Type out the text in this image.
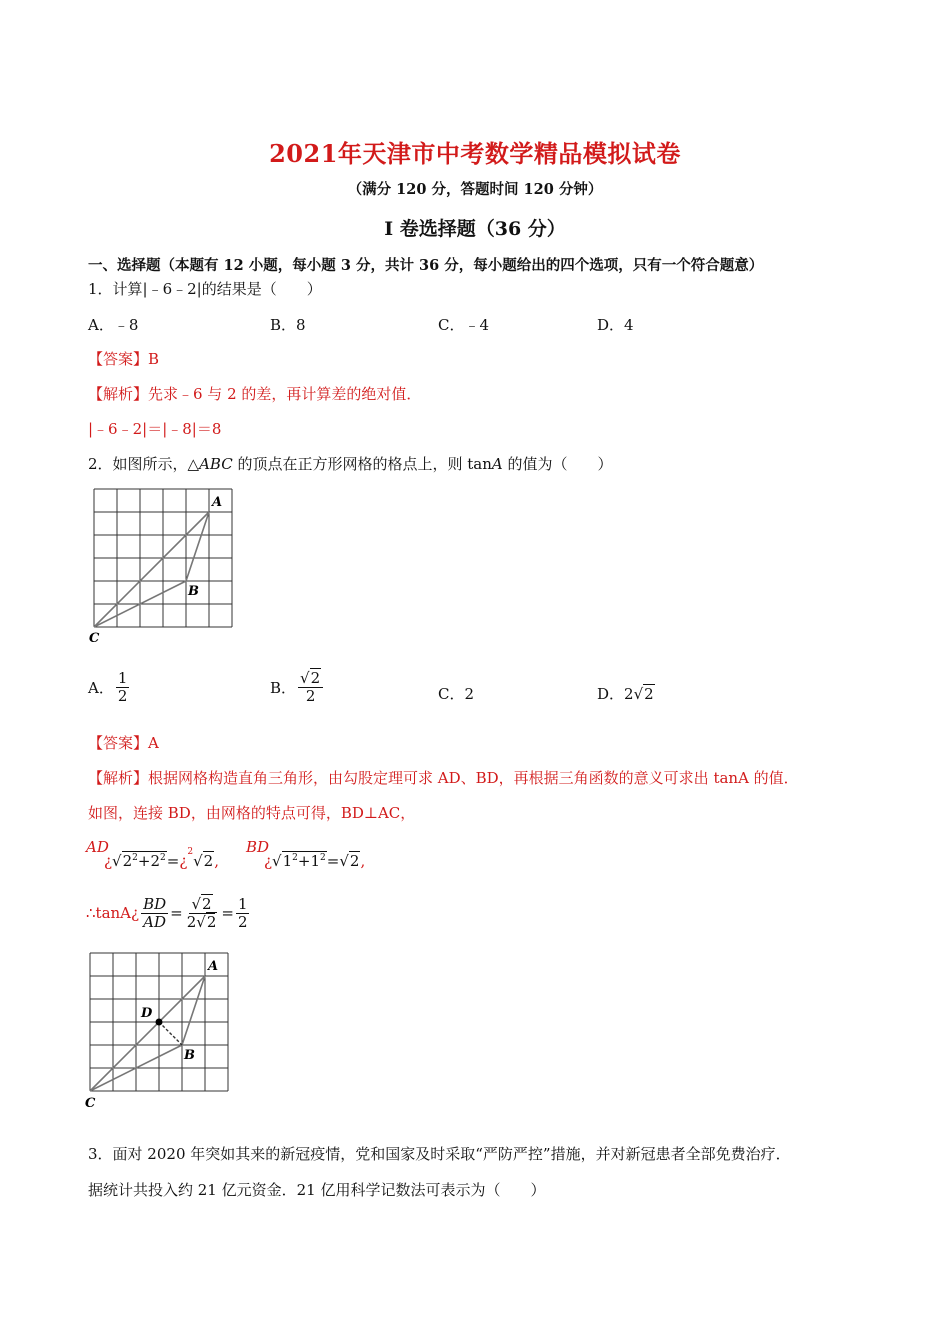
2021年天津市中考数学精品模拟试卷
（满分 120 分，答题时间 120 分钟）
I 卷选择题（36 分）
一、选择题（本题有 12 小题，每小题 3 分，共计 36 分，每小题给出的四个选项，只有一个符合题意）
1．计算|﹣6﹣2|的结果是（　　）
A．﹣8	B．8	C．﹣4	D．4
【答案】B
【解析】先求﹣6 与 2 的差，再计算差的绝对值．
|﹣6﹣2|＝|﹣8|＝8
2．如图所示，△ABC 的顶点在正方形网格的格点上，则 tanA 的值为（　　）
A
B
C
A． $\frac{1}{2}$	B． $\frac{√2}{2}$	C．2	D．2√2
【答案】A
【解析】根据网格构造直角三角形，由勾股定理可求 AD、BD，再根据三角函数的意义可求出 tanA 的值．
如图，连接 BD，由网格的特点可得，BD⊥AC，
AD
¿$√2^2+2^2=¿^2√2$,
BD
¿$√1^2+1^2=√2$,
∴tanA¿ $\frac{BD}{AD} = \frac{√2}{2√2} = \frac{1}{2}$
A
B
C
D
3．面对 2020 年突如其来的新冠疫情，党和国家及时采取“严防严控”措施，并对新冠患者全部免费治疗．
据统计共投入约 21 亿元资金．21 亿用科学记数法可表示为（　　）
